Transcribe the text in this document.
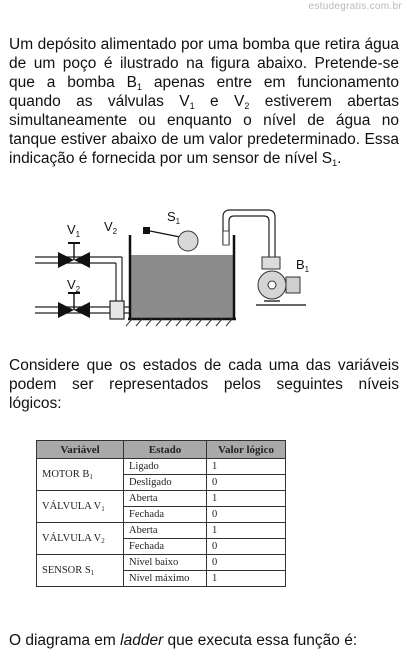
estudegratis.com.br
Um depósito alimentado por uma bomba que retira água de um poço é ilustrado na figura abaixo. Pretende-se que a bomba $B_1$ apenas entre em funcionamento quando as válvulas $V_1$ e $V_2$ estiverem abertas simultaneamente ou enquanto o nível de água no tanque estiver abaixo de um valor predeterminado. Essa indicação é fornecida por um sensor de nível $S_1$.
$V_1$
$V_2$
$V_2$
$S_1$
$B_1$
Considere que os estados de cada uma das variáveis podem ser representados pelos seguintes níveis lógicos:
Variável	Estado	Valor lógico
MOTOR $B_1$	Ligado	1
	Desligado	0
VÁLVULA $V_1$	Aberta	1
	Fechada	0
VÁLVULA $V_2$	Aberta	1
	Fechada	0
SENSOR $S_1$	Nível baixo	0
	Nível máximo	1
O diagrama em ladder que executa essa função é:
